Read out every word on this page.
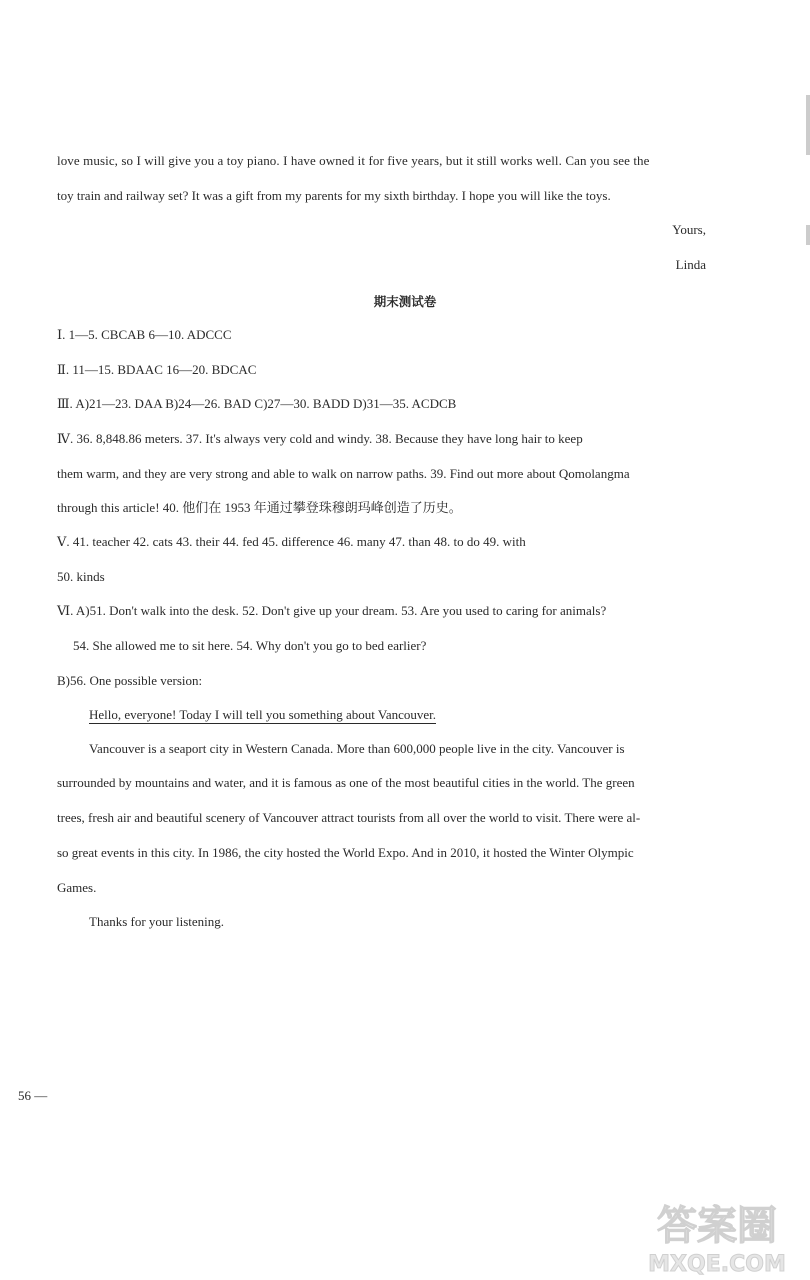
love music, so I will give you a toy piano. I have owned it for five years, but it still works well. Can you see the
toy train and railway set? It was a gift from my parents for my sixth birthday. I hope you will like the toys.
Yours,
Linda
期末测试卷
Ⅰ. 1—5. CBCAB 6—10. ADCCC
Ⅱ. 11—15. BDAAC 16—20. BDCAC
Ⅲ. A)21—23. DAA B)24—26. BAD C)27—30. BADD D)31—35. ACDCB
Ⅳ. 36. 8,848.86 meters. 37. It's always very cold and windy. 38. Because they have long hair to keep
them warm, and they are very strong and able to walk on narrow paths. 39. Find out more about Qomolangma
through this article! 40. 他们在 1953 年通过攀登珠穆朗玛峰创造了历史。
Ⅴ. 41. teacher 42. cats 43. their 44. fed 45. difference 46. many 47. than 48. to do 49. with
50. kinds
Ⅵ. A)51. Don't walk into the desk. 52. Don't give up your dream. 53. Are you used to caring for animals?
54. She allowed me to sit here. 54. Why don't you go to bed earlier?
B)56. One possible version:
Hello, everyone! Today I will tell you something about Vancouver.
Vancouver is a seaport city in Western Canada. More than 600,000 people live in the city. Vancouver is
surrounded by mountains and water, and it is famous as one of the most beautiful cities in the world. The green
trees, fresh air and beautiful scenery of Vancouver attract tourists from all over the world to visit. There were al-
so great events in this city. In 1986, the city hosted the World Expo. And in 2010, it hosted the Winter Olympic
Games.
Thanks for your listening.
56 —
答案圈
MXQE.COM
